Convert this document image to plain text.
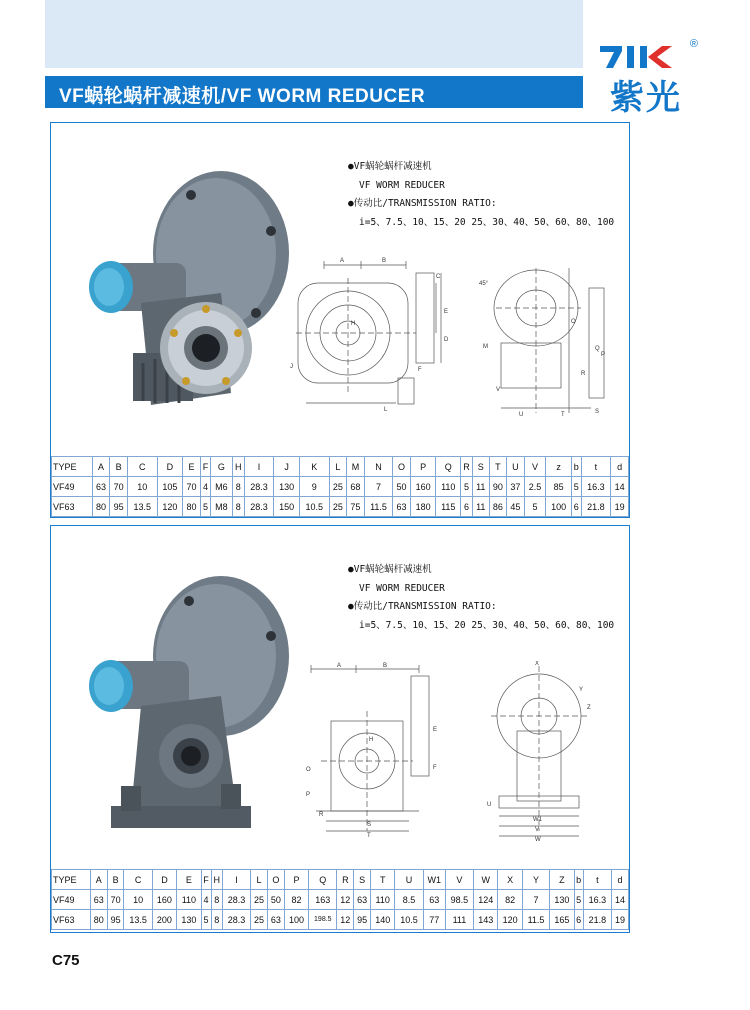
VF蜗轮蜗杆减速机/VF WORM REDUCER
®
紫光
●VF蜗轮蜗杆减速机
VF WORM REDUCER
●传动比/TRANSMISSION RATIO:
i=5、7.5、10、15、20 25、30、40、50、60、80、100
A	B
C
E
D
H
F
L
J
45°
M
O
Q
P
R
V
U	T	S
TYPE	A	B	C	D	E	F	G	H	I	J	K	L	M	N	O	P	Q	R	S	T	U	V	z	b	t	d
VF49	63	70	10	105	70	4	M6	8	28.3	130	9	25	68	7	50	160	110	5	11	90	37	2.5	85	5	16.3	14
VF63	80	95	13.5	120	80	5	M8	8	28.3	150	10.5	25	75	11.5	63	180	115	6	11	86	45	5	100	6	21.8	19
●VF蜗轮蜗杆减速机
VF WORM REDUCER
●传动比/TRANSMISSION RATIO:
i=5、7.5、10、15、20 25、30、40、50、60、80、100
A	B
E
F
H
O
P
R
S
T
X
Y
Z
U
W1
V
W
TYPE	A	B	C	D	E	F	H	I	L	O	P	Q	R	S	T	U	W1	V	W	X	Y	Z	b	t	d
VF49	63	70	10	160	110	4	8	28.3	25	50	82	163	12	63	110	8.5	63	98.5	124	82	7	130	5	16.3	14
VF63	80	95	13.5	200	130	5	8	28.3	25	63	100	198.5	12	95	140	10.5	77	111	143	120	11.5	165	6	21.8	19
C75
